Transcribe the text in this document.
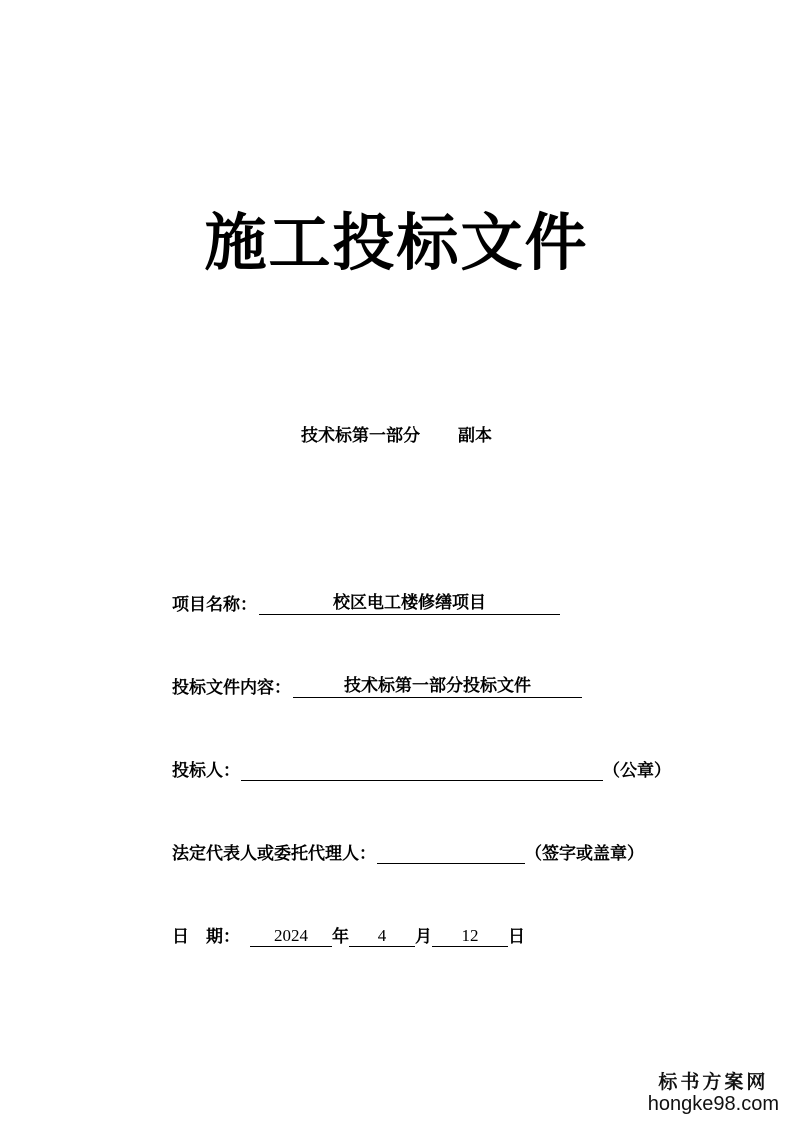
施工投标文件
技术标第一部分 副本
项目名称：	校区电工楼修缮项目
投标文件内容：	技术标第一部分投标文件
投标人：	（公章）
法定代表人或委托代理人：	（签字或盖章）
日　期：	2024	年	4	月	12	日
标书方案网
hongke98.com
